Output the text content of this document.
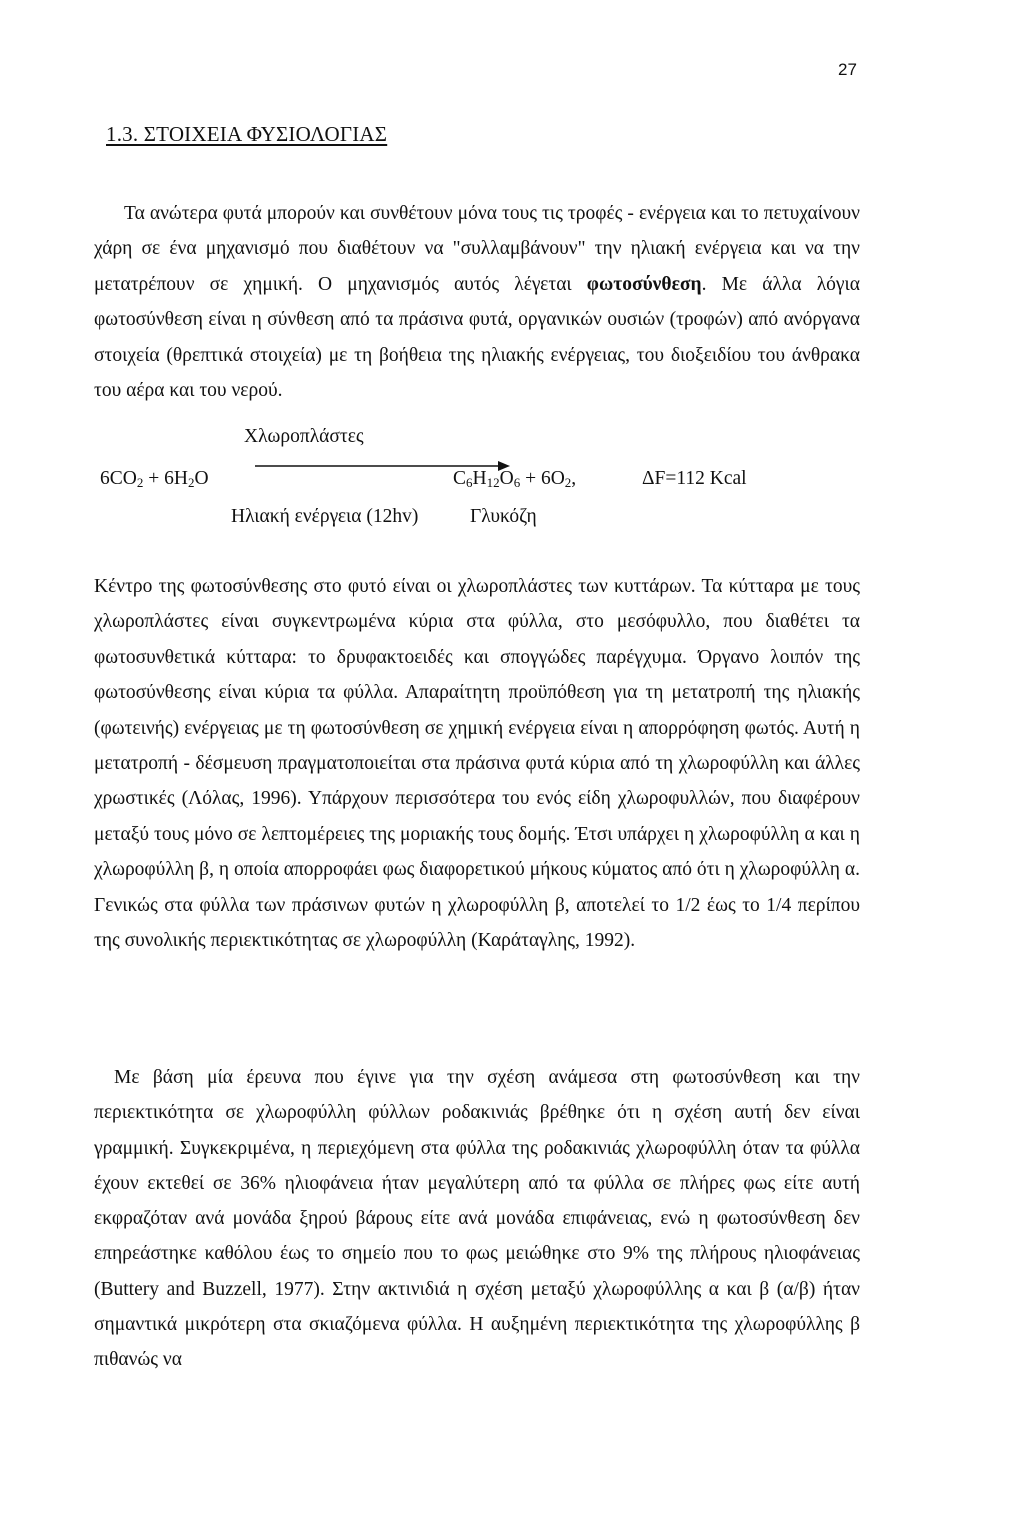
27
1.3. ΣΤΟΙΧΕΙΑ ΦΥΣΙΟΛΟΓΙΑΣ

Τα ανώτερα φυτά μπορούν και συνθέτουν μόνα τους τις τροφές - ενέργεια και το πετυχαίνουν χάρη σε ένα μηχανισμό που διαθέτουν να "συλλαμβάνουν" την ηλιακή ενέργεια και να την μετατρέπουν σε χημική. Ο μηχανισμός αυτός λέγεται φωτοσύνθεση. Με άλλα λόγια φωτοσύνθεση είναι η σύνθεση από τα πράσινα φυτά, οργανικών ουσιών (τροφών) από ανόργανα στοιχεία (θρεπτικά στοιχεία) με τη βοήθεια της ηλιακής ενέργειας, του διοξειδίου του άνθρακα του αέρα και του νερού.

Χλωροπλάστες
$6CO_2 + 6H_2O$	$C_6H_{12}O_6 + 6O_2$,	ΔF=112 Kcal
Ηλιακή ενέργεια (12hv)	Γλυκόζη

Κέντρο της φωτοσύνθεσης στο φυτό είναι οι χλωροπλάστες των κυττάρων. Τα κύτταρα με τους χλωροπλάστες είναι συγκεντρωμένα κύρια στα φύλλα, στο μεσόφυλλο, που διαθέτει τα φωτοσυνθετικά κύτταρα: το δρυφακτοειδές και σπογγώδες παρέγχυμα. Όργανο λοιπόν της φωτοσύνθεσης είναι κύρια τα φύλλα. Απαραίτητη προϋπόθεση για τη μετατροπή της ηλιακής (φωτεινής) ενέργειας με τη φωτοσύνθεση σε χημική ενέργεια είναι η απορρόφηση φωτός. Αυτή η μετατροπή - δέσμευση πραγματοποιείται στα πράσινα φυτά κύρια από τη χλωροφύλλη και άλλες χρωστικές (Λόλας, 1996). Υπάρχουν περισσότερα του ενός είδη χλωροφυλλών, που διαφέρουν μεταξύ τους μόνο σε λεπτομέρειες της μοριακής τους δομής. Έτσι υπάρχει η χλωροφύλλη α και η χλωροφύλλη β, η οποία απορροφάει φως διαφορετικού μήκους κύματος από ότι η χλωροφύλλη α. Γενικώς στα φύλλα των πράσινων φυτών η χλωροφύλλη β, αποτελεί το 1/2 έως το 1/4 περίπου της συνολικής περιεκτικότητας σε χλωροφύλλη (Καράταγλης, 1992).

Με βάση μία έρευνα που έγινε για την σχέση ανάμεσα στη φωτοσύνθεση και την περιεκτικότητα σε χλωροφύλλη φύλλων ροδακινιάς βρέθηκε ότι η σχέση αυτή δεν είναι γραμμική. Συγκεκριμένα, η περιεχόμενη στα φύλλα της ροδακινιάς χλωροφύλλη όταν τα φύλλα έχουν εκτεθεί σε 36% ηλιοφάνεια ήταν μεγαλύτερη από τα φύλλα σε πλήρες φως είτε αυτή εκφραζόταν ανά μονάδα ξηρού βάρους είτε ανά μονάδα επιφάνειας, ενώ η φωτοσύνθεση δεν επηρεάστηκε καθόλου έως το σημείο που το φως μειώθηκε στο 9% της πλήρους ηλιοφάνειας (Buttery and Buzzell, 1977). Στην ακτινιδιά η σχέση μεταξύ χλωροφύλλης α και β (α/β) ήταν σημαντικά μικρότερη στα σκιαζόμενα φύλλα. Η αυξημένη περιεκτικότητα της χλωροφύλλης β πιθανώς να
